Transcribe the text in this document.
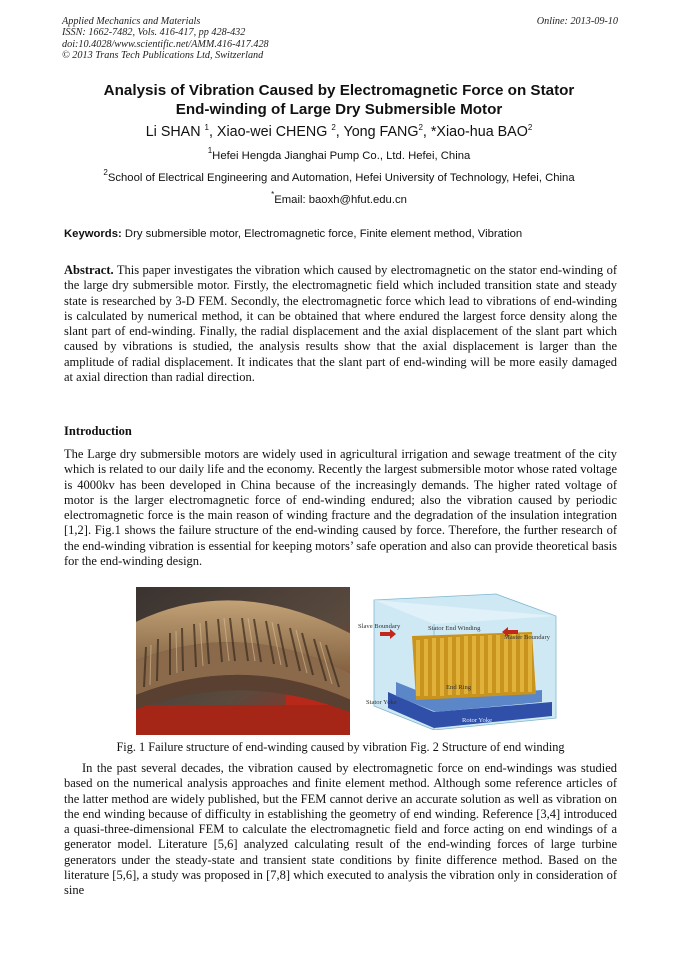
Applied Mechanics and Materials
ISSN: 1662-7482, Vols. 416-417, pp 428-432
doi:10.4028/www.scientific.net/AMM.416-417.428
© 2013 Trans Tech Publications Ltd, Switzerland
Online: 2013-09-10
Analysis of Vibration Caused by Electromagnetic Force on Stator
End-winding of Large Dry Submersible Motor
Li SHAN $^1$, Xiao-wei CHENG $^2$, Yong FANG$^2$, *Xiao-hua BAO$^2$
$^1$Hefei Hengda Jianghai Pump Co., Ltd. Hefei, China
$^2$School of Electrical Engineering and Automation, Hefei University of Technology, Hefei, China
*Email: baoxh@hfut.edu.cn
Keywords: Dry submersible motor, Electromagnetic force, Finite element method, Vibration
Abstract. This paper investigates the vibration which caused by electromagnetic on the stator end-winding of the large dry submersible motor. Firstly, the electromagnetic field which included transition state and steady state is researched by 3-D FEM. Secondly, the electromagnetic force which lead to vibrations of end-winding is calculated by numerical method, it can be obtained that where endured the largest force density along the slant part of end-winding. Finally, the radial displacement and the axial displacement of the slant part which caused by vibrations is studied, the analysis results show that the axial displacement is larger than the amplitude of radial displacement. It indicates that the slant part of end-winding will be more easily damaged at axial direction than radial direction.
Introduction
The Large dry submersible motors are widely used in agricultural irrigation and sewage treatment of the city which is related to our daily life and the economy. Recently the largest submersible motor whose rated voltage is 4000kv has been developed in China because of the increasingly demands. The higher rated voltage of motor is the larger electromagnetic force of end-winding endured; also the vibration caused by periodic electromagnetic force is the main reason of winding fracture and the degradation of the insulation integration [1,2]. Fig.1 shows the failure structure of the end-winding caused by force. Therefore, the further research of the end-winding vibration is essential for keeping motors’ safe operation and also can provide theoretical basis for the end-winding design.
Stator End Winding
Slave Boundary
Master Boundary
End Ring
Stator Yoke
Rotor Yoke
Fig. 1 Failure structure of end-winding caused by vibration Fig. 2 Structure of end winding
In the past several decades, the vibration caused by electromagnetic force on end-windings was studied based on the numerical analysis approaches and finite element method. Although some reference articles of the latter method are widely published, but the FEM cannot derive an accurate solution as well as vibration on the end winding because of difficulty in establishing the geometry of end winding. Reference [3,4] introduced a quasi-three-dimensional FEM to calculate the electromagnetic field and force acting on end windings of a generator model. Literature [5,6] analyzed calculating result of the end-winding forces of large turbine generators under the steady-state and transient state conditions by finite difference method. Based on the literature [5,6], a study was proposed in [7,8] which executed to analysis the vibration only in consideration of sine
